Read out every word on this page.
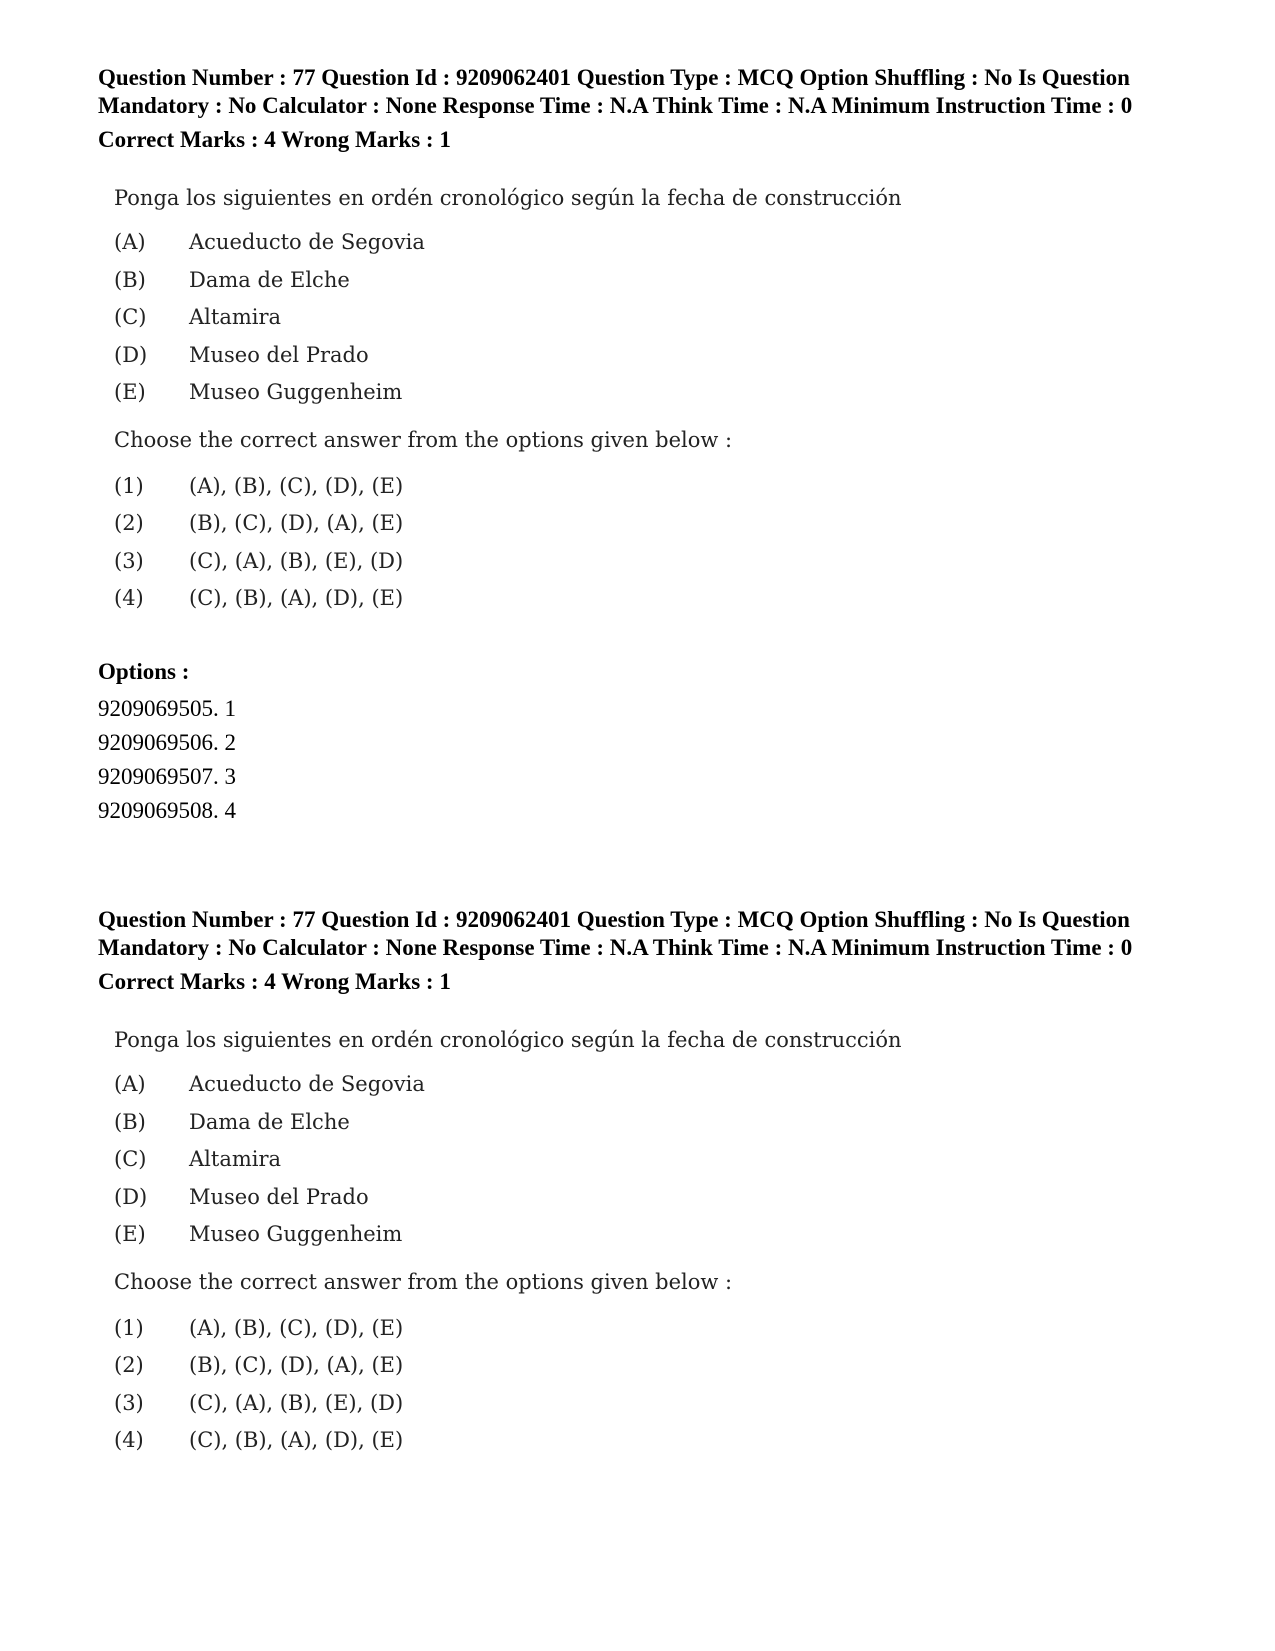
Question Number : 77 Question Id : 9209062401 Question Type : MCQ Option Shuffling : No Is Question Mandatory : No Calculator : None Response Time : N.A Think Time : N.A Minimum Instruction Time : 0

Correct Marks : 4 Wrong Marks : 1

Ponga los siguientes en ordén cronológico según la fecha de construcción
(A)	Acueducto de Segovia
(B)	Dama de Elche
(C)	Altamira
(D)	Museo del Prado
(E)	Museo Guggenheim
Choose the correct answer from the options given below :
(1)	(A), (B), (C), (D), (E)
(2)	(B), (C), (D), (A), (E)
(3)	(C), (A), (B), (E), (D)
(4)	(C), (B), (A), (D), (E)

Options :

9209069505. 1

9209069506. 2

9209069507. 3

9209069508. 4

Question Number : 77 Question Id : 9209062401 Question Type : MCQ Option Shuffling : No Is Question Mandatory : No Calculator : None Response Time : N.A Think Time : N.A Minimum Instruction Time : 0

Correct Marks : 4 Wrong Marks : 1

Ponga los siguientes en ordén cronológico según la fecha de construcción
(A)	Acueducto de Segovia
(B)	Dama de Elche
(C)	Altamira
(D)	Museo del Prado
(E)	Museo Guggenheim
Choose the correct answer from the options given below :
(1)	(A), (B), (C), (D), (E)
(2)	(B), (C), (D), (A), (E)
(3)	(C), (A), (B), (E), (D)
(4)	(C), (B), (A), (D), (E)
